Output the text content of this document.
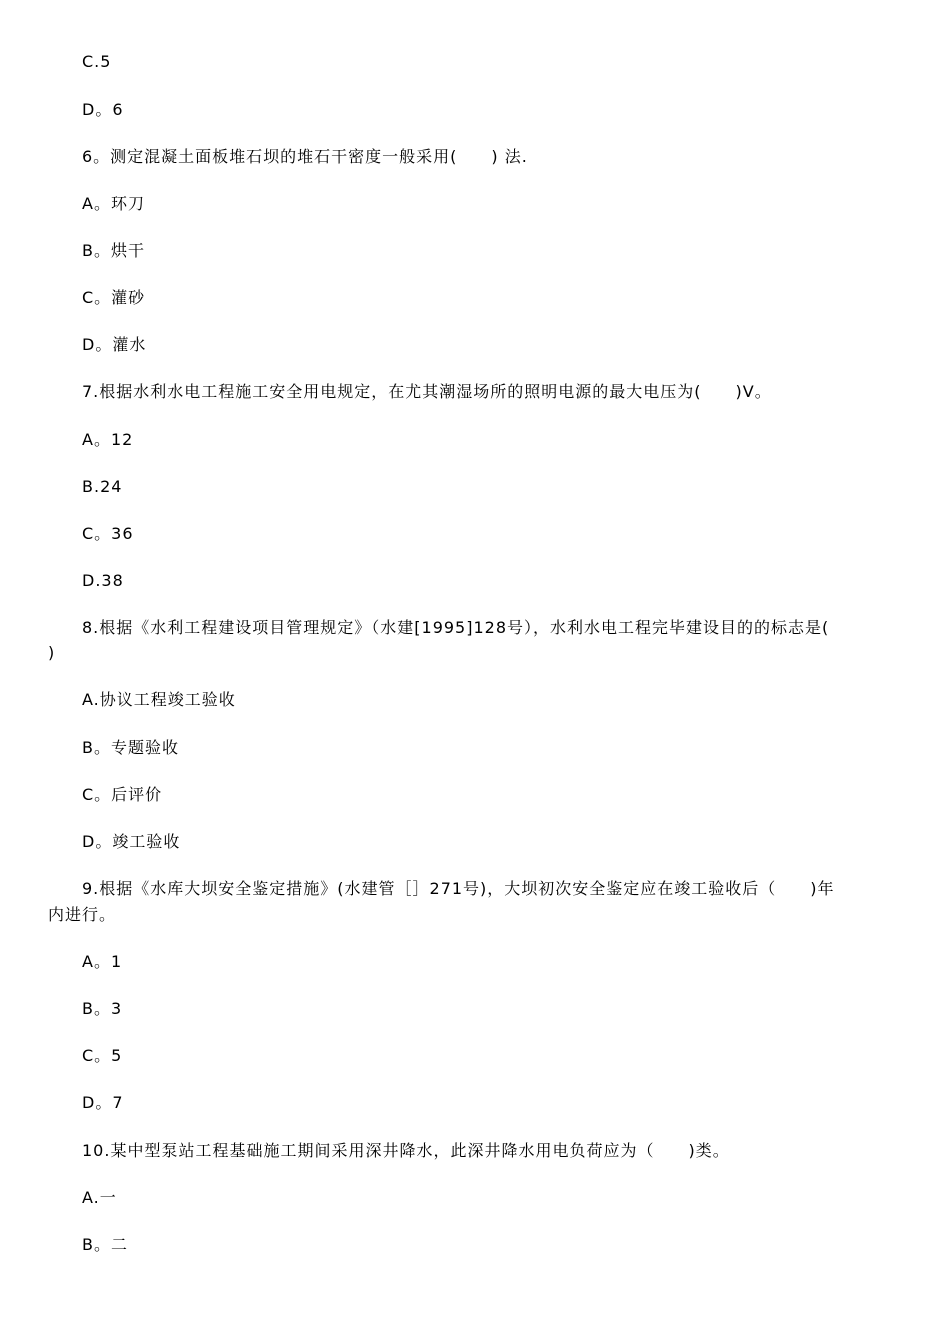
C.5
D。6
6。测定混凝土面板堆石坝的堆石干密度一般采用(　　) 法.
A。环刀
B。烘干
C。灌砂
D。灌水
7.根据水利水电工程施工安全用电规定，在尤其潮湿场所的照明电源的最大电压为(　　)V。
A。12
B.24
C。36
D.38
8.根据《水利工程建设项目管理规定》（水建[1995]128号），水利水电工程完毕建设目的的标志是(
)
A.协议工程竣工验收
B。专题验收
C。后评价
D。竣工验收
9.根据《水库大坝安全鉴定措施》(水建管［］271号)，大坝初次安全鉴定应在竣工验收后（　　)年
内进行。
A。1
B。3
C。5
D。7
10.某中型泵站工程基础施工期间采用深井降水，此深井降水用电负荷应为（　　)类。
A.一
B。二
